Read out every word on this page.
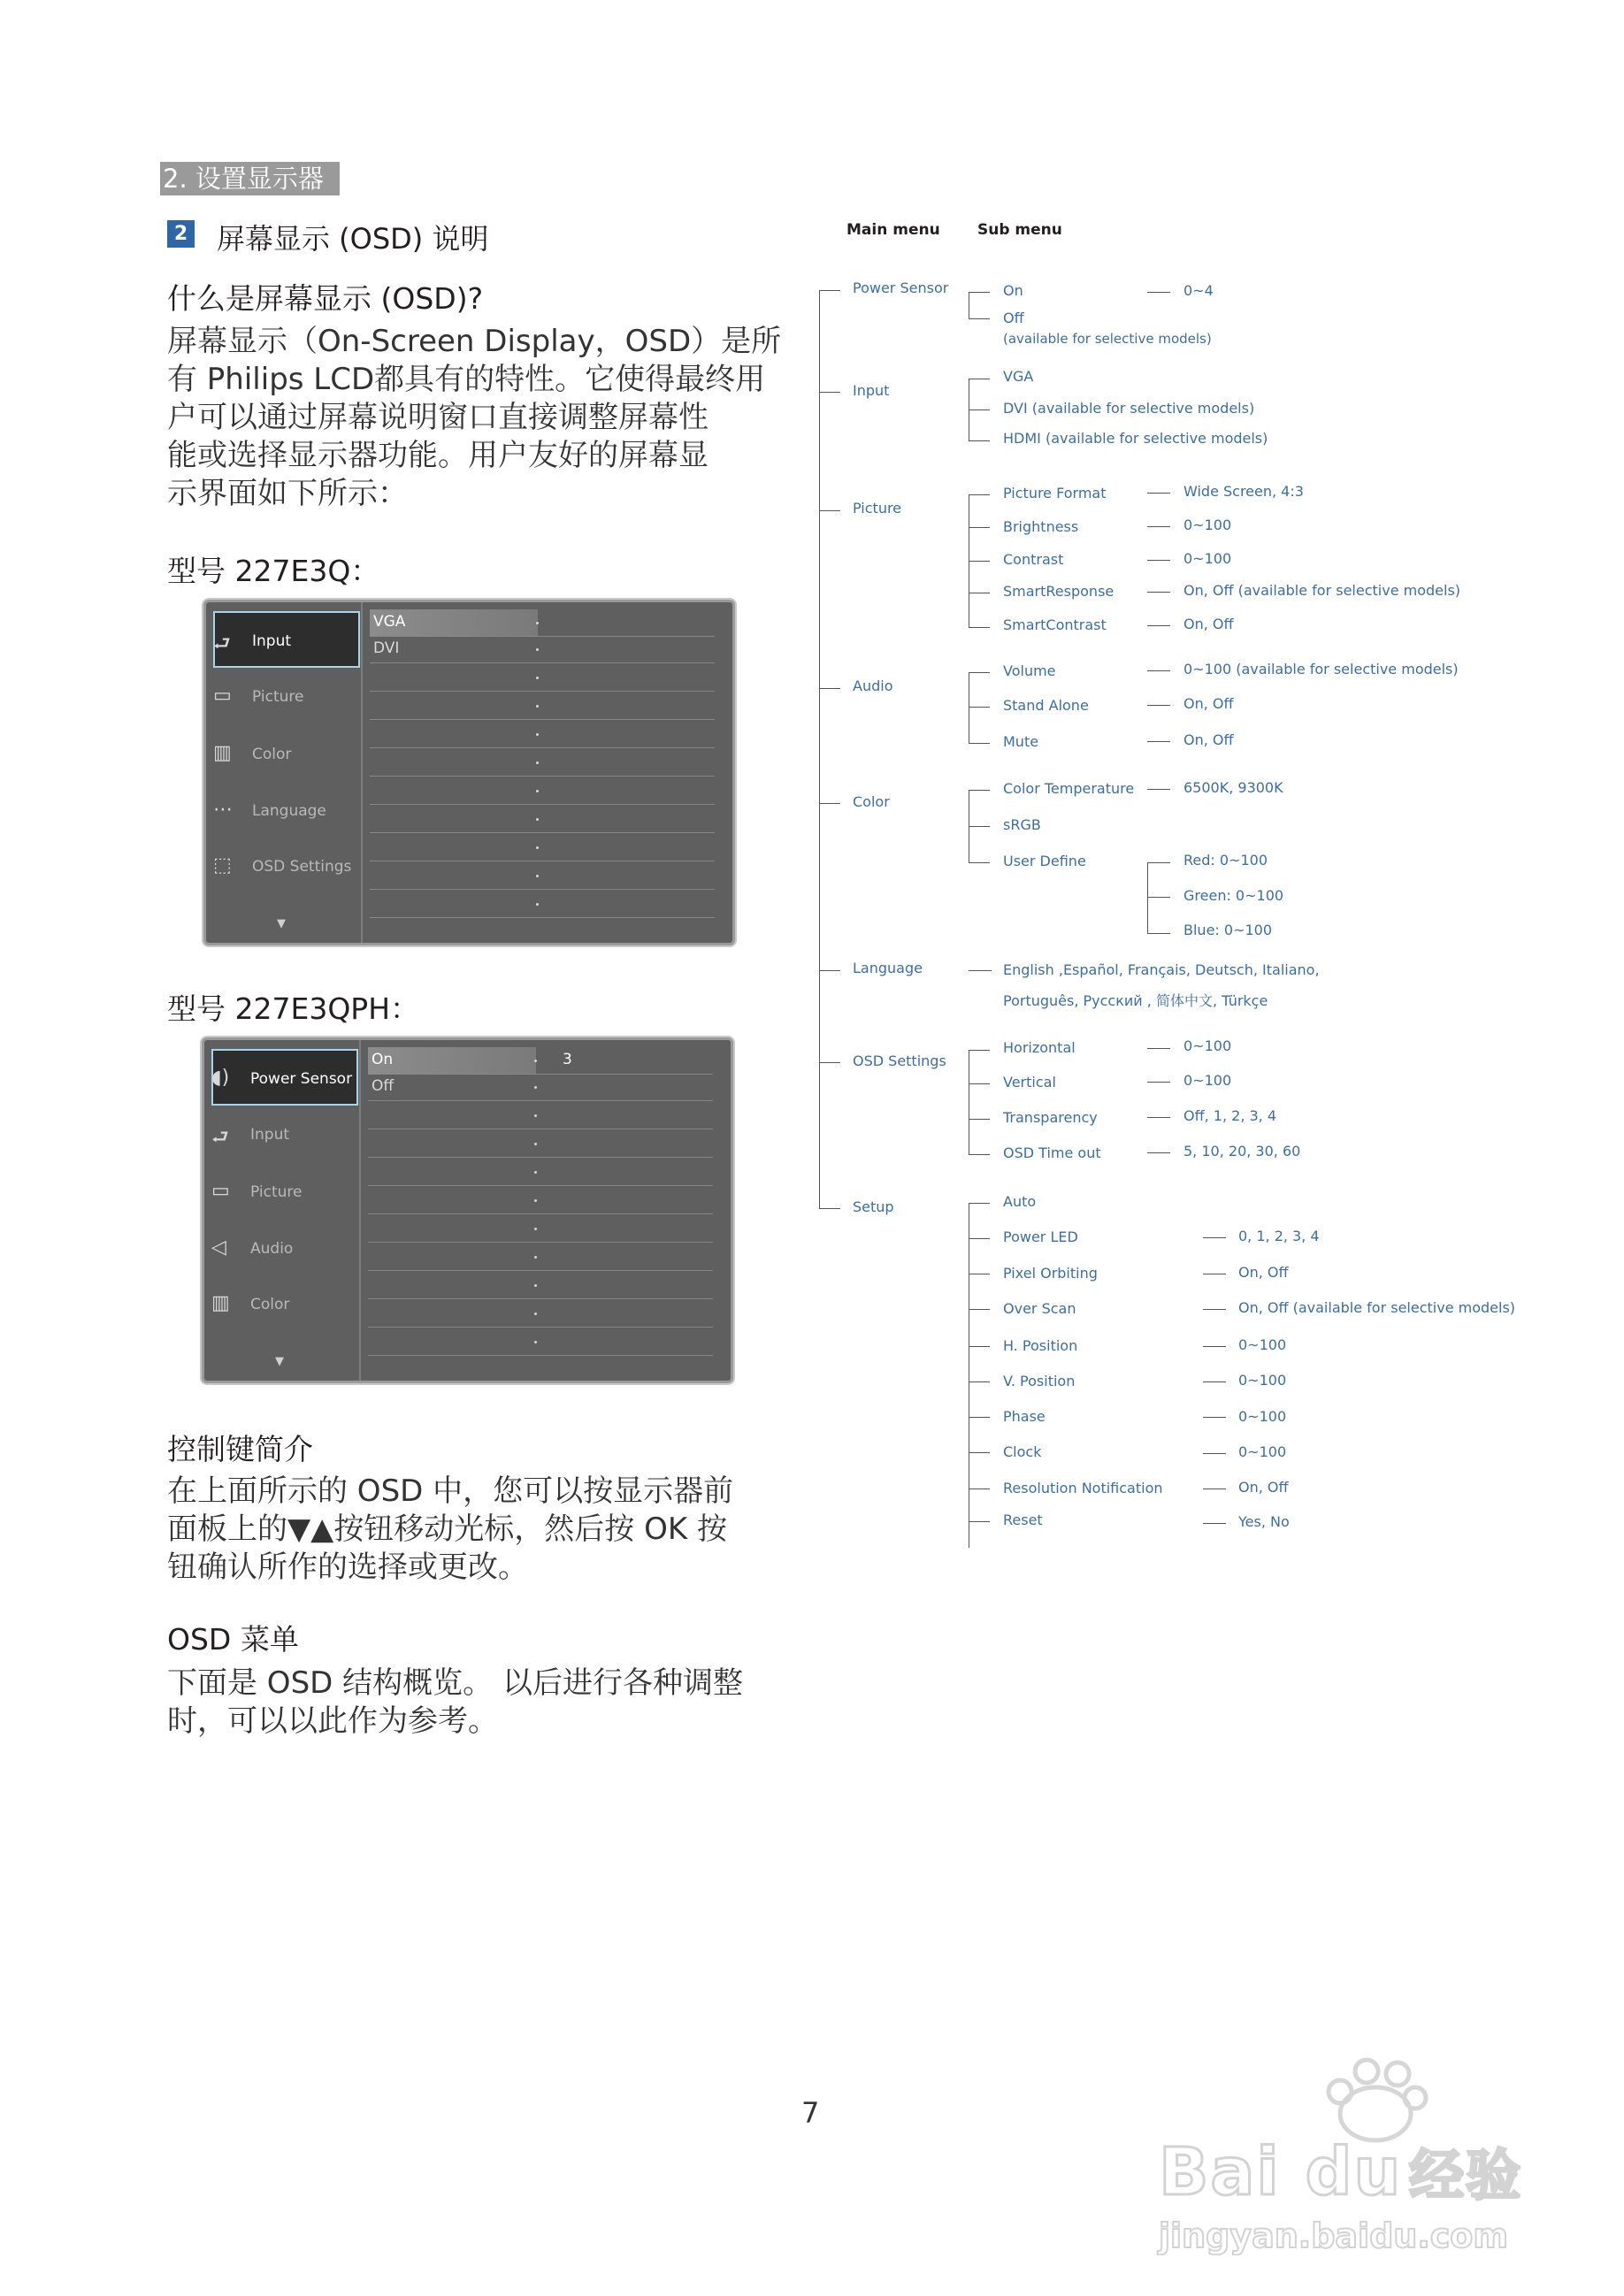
2. 设置显示器
2 屏幕显示 (OSD) 说明
什么是屏幕显示 (OSD)?
屏幕显示（On-Screen Display，OSD）是所
有 Philips LCD都具有的特性。它使得最终用
户可以通过屏幕说明窗口直接调整屏幕性
能或选择显示器功能。用户友好的屏幕显
示界面如下所示：
型号 227E3Q：
⮐ Input
▭ Picture
▥ Color
⋯ Language
⬚ OSD Settings
▼
VGA
DVI
型号 227E3QPH：
◖) Power Sensor
⮐ Input
▭ Picture
◁ Audio
▥ Color
▼
On	3
Off
控制键简介
在上面所示的 OSD 中，您可以按显示器前
面板上的▼▲按钮移动光标，然后按 OK 按
钮确认所作的选择或更改。
OSD 菜单
下面是 OSD 结构概览。 以后进行各种调整
时，可以以此作为参考。
Main menu Sub menu
Power Sensor
Input
Picture
Audio
Color
Language
OSD Settings
Setup
On
Off
(available for selective models)
0~4
VGA
DVI (available for selective models)
HDMI (available for selective models)
Picture Format
Brightness
Contrast
SmartResponse
SmartContrast
Wide Screen, 4:3
0~100
0~100
On, Off (available for selective models)
On, Off
Volume
Stand Alone
Mute
0~100 (available for selective models)
On, Off
On, Off
Color Temperature
sRGB
User Define
6500K, 9300K
Red: 0~100
Green: 0~100
Blue: 0~100
English ,Español, Français, Deutsch, Italiano,
Português, Русский , 简体中文, Türkçe
Horizontal
Vertical
Transparency
OSD Time out
0~100
0~100
Off, 1, 2, 3, 4
5, 10, 20, 30, 60
Auto
Power LED
Pixel Orbiting
Over Scan
H. Position
V. Position
Phase
Clock
Resolution Notification
Reset
0, 1, 2, 3, 4
On, Off
On, Off (available for selective models)
0~100
0~100
0~100
0~100
On, Off
Yes, No
7
Bai du 经验
jingyan.baidu.com
